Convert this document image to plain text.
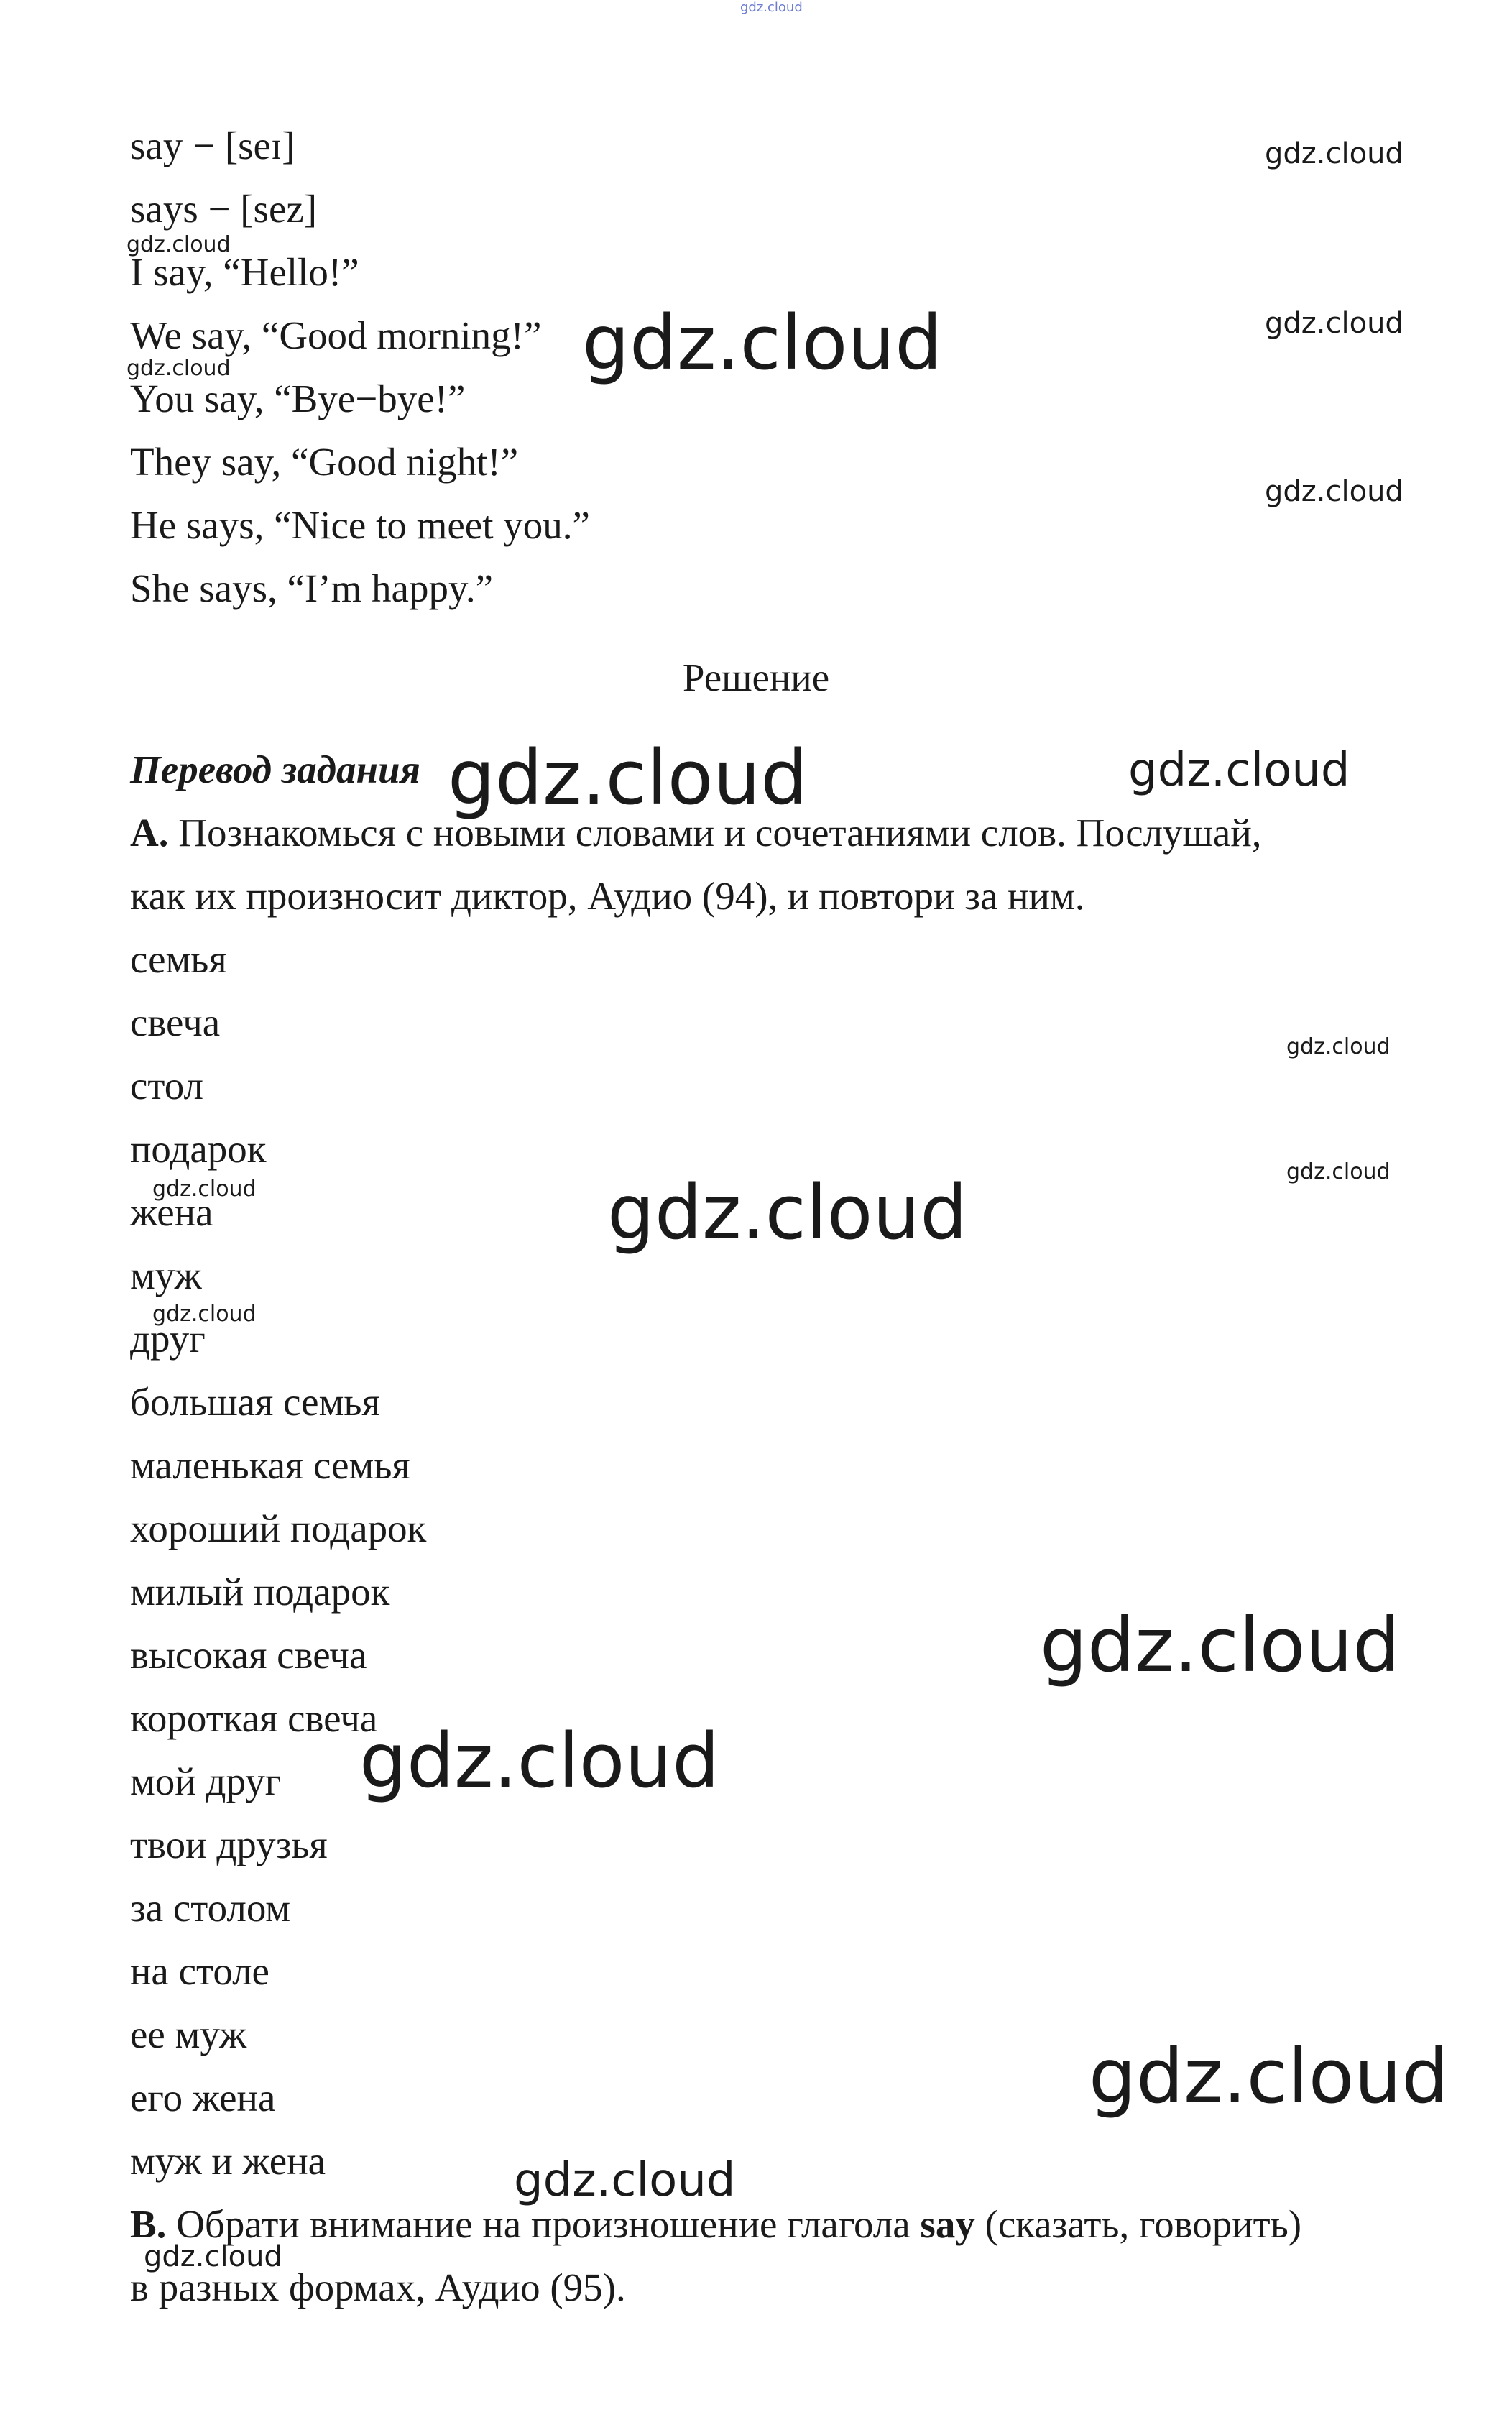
gdz.cloud
say − [seɪ]
says − [sez]
I say, “Hello!”
We say, “Good morning!”
You say, “Bye−bye!”
They say, “Good night!”
He says, “Nice to meet you.”
She says, “I’m happy.”
Решение
Перевод задания
A. Познакомься с новыми словами и сочетаниями слов. Послушай,
как их произносит диктор, Аудио (94), и повтори за ним.
семья
свеча
стол
подарок
жена
муж
друг
большая семья
маленькая семья
хороший подарок
милый подарок
высокая свеча
короткая свеча
мой друг
твои друзья
за столом
на столе
ее муж
его жена
муж и жена
B. Обрати внимание на произношение глагола say (сказать, говорить)
в разных формах, Аудио (95).
gdz.cloud
gdz.cloud
gdz.cloud
gdz.cloud
gdz.cloud
gdz.cloud
gdz.cloud	gdz.cloud
gdz.cloud
gdz.cloud
gdz.cloud	gdz.cloud
gdz.cloud
gdz.cloud
gdz.cloud
gdz.cloud
gdz.cloud
gdz.cloud
